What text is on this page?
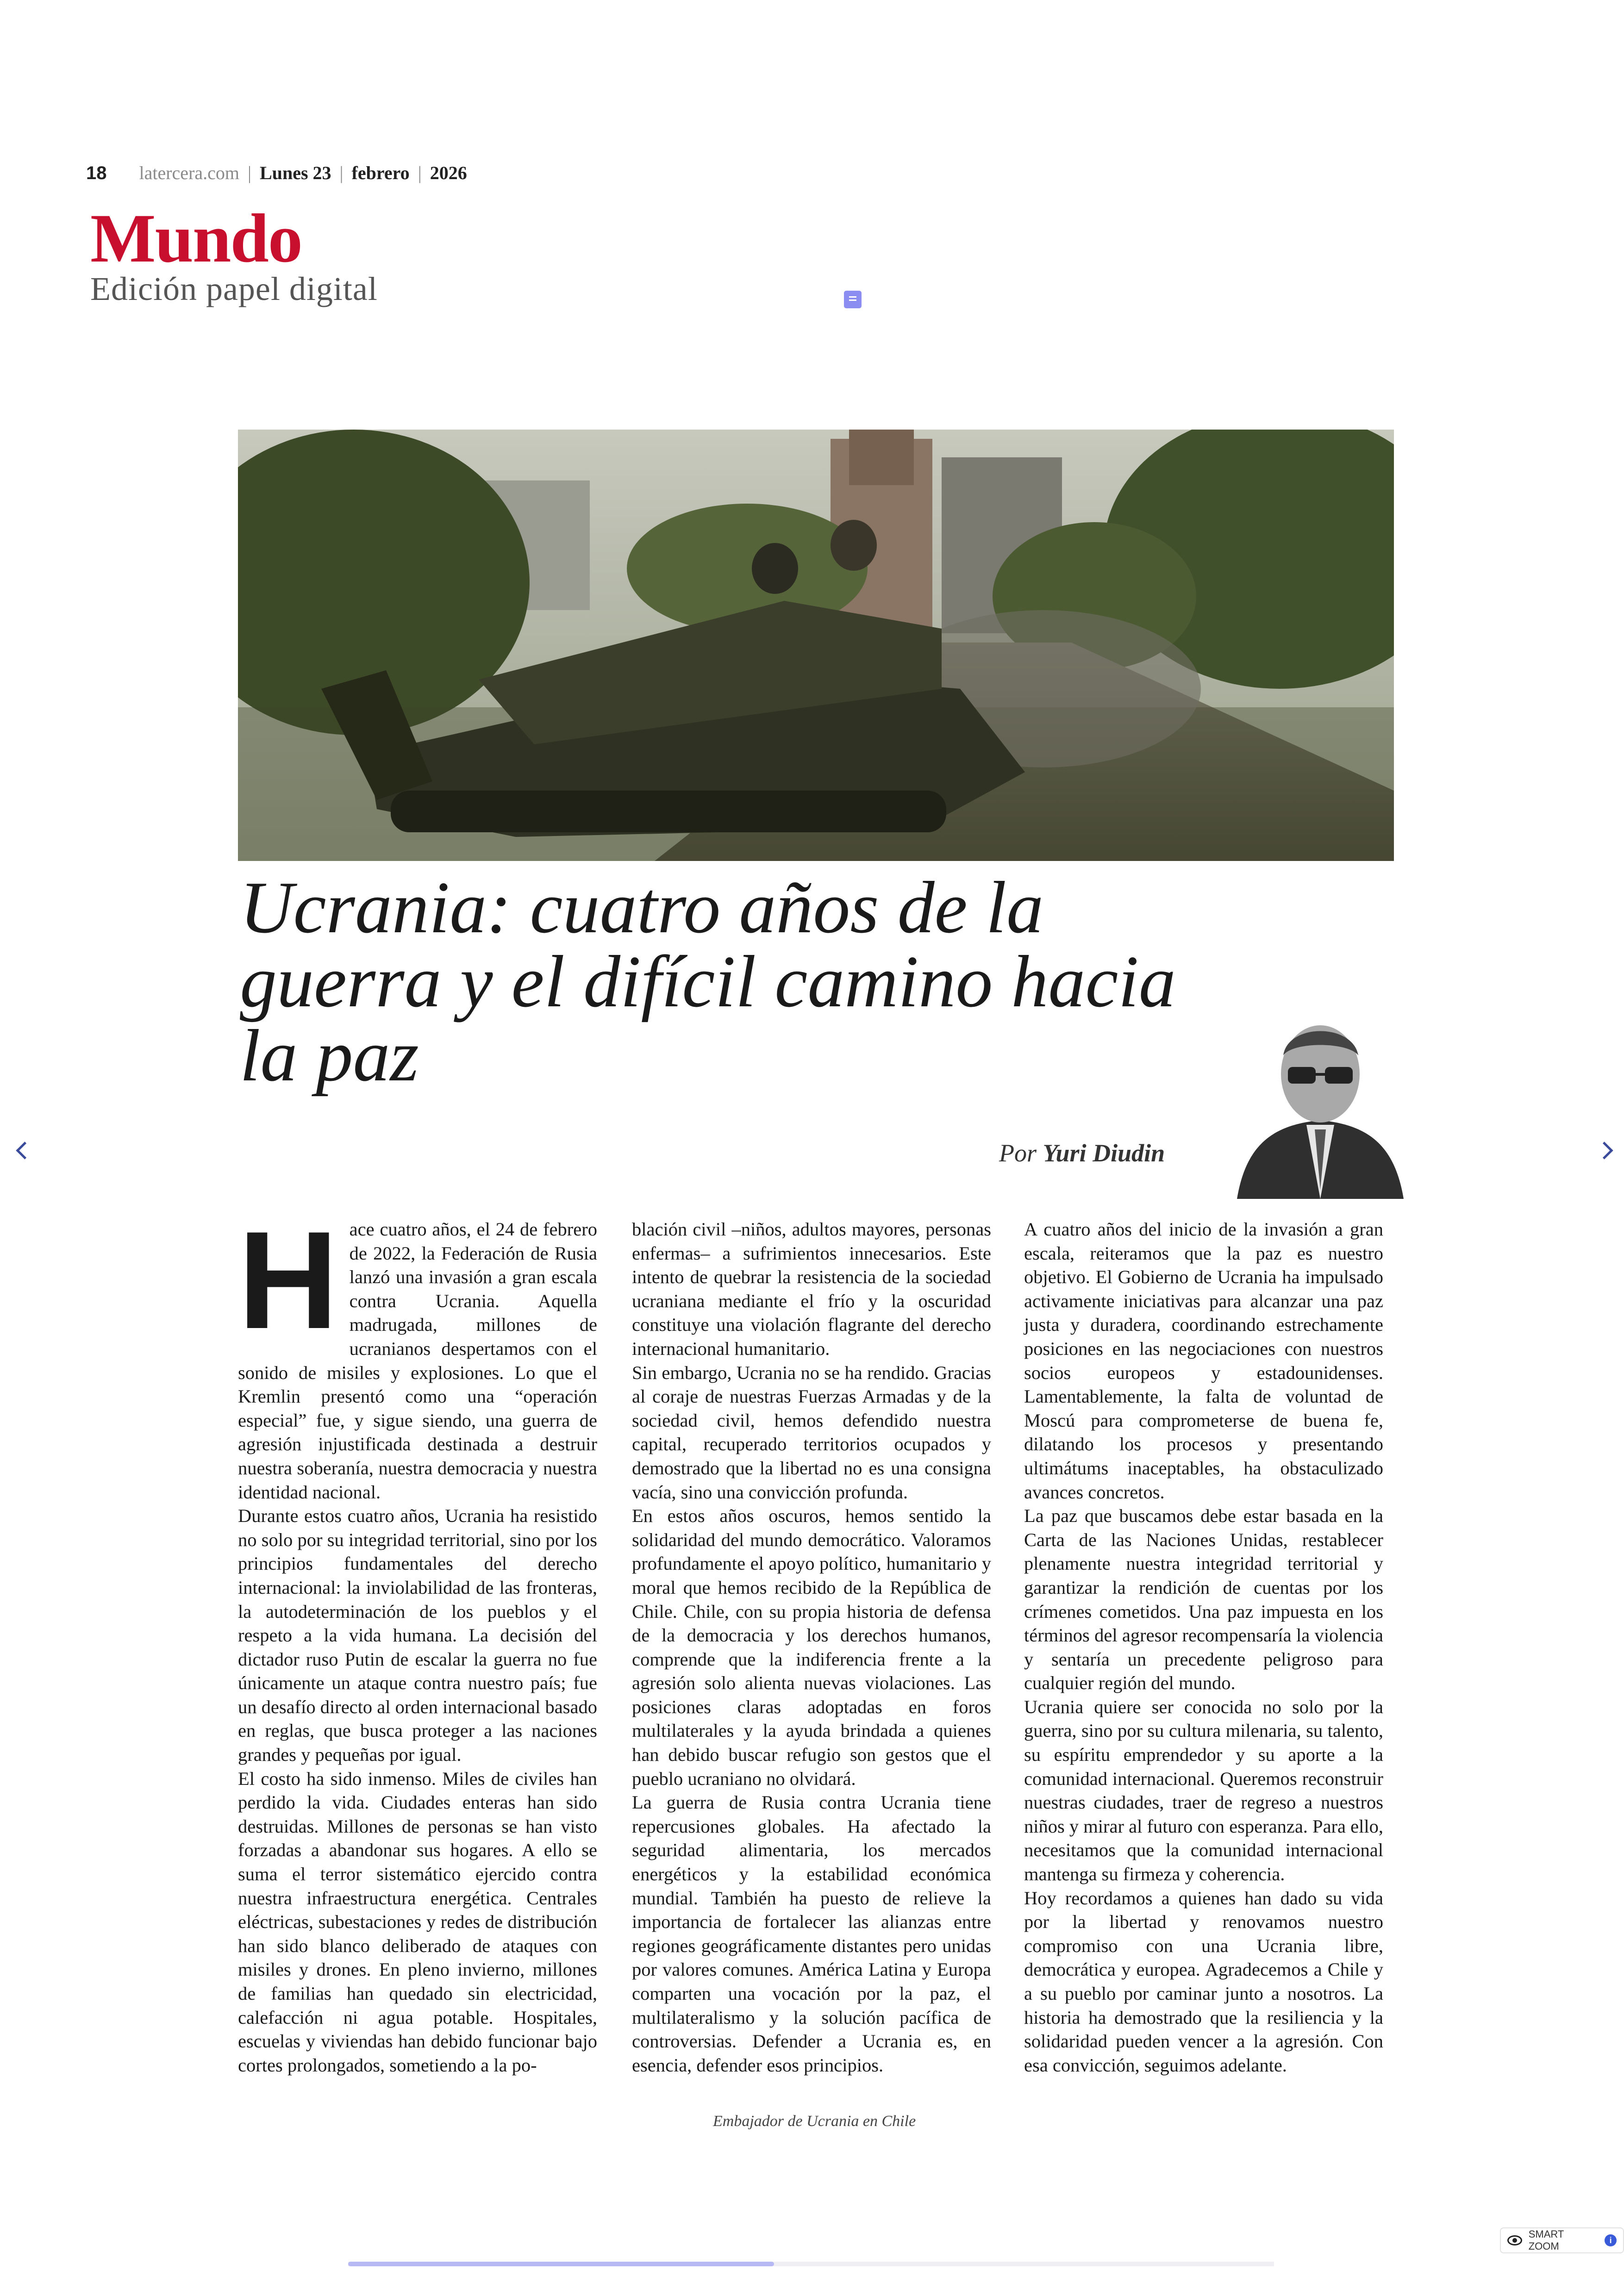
18 latercera.com | Lunes 23 | febrero | 2026
Mundo
Edición papel digital
Ucrania: cuatro años de la guerra y el difícil camino hacia la paz
Por Yuri Diudin

Hace cuatro años, el 24 de febrero de 2022, la Federación de Rusia lanzó una invasión a gran escala contra Ucrania. Aquella madrugada, millones de ucranianos despertamos con el sonido de misiles y explosiones. Lo que el Kremlin presentó como una “operación especial” fue, y sigue siendo, una guerra de agresión injustificada destinada a destruir nuestra soberanía, nuestra democracia y nuestra identidad nacional.

Durante estos cuatro años, Ucrania ha resistido no solo por su integridad territorial, sino por los principios fundamentales del derecho internacional: la inviolabilidad de las fronteras, la autodeterminación de los pueblos y el respeto a la vida humana. La decisión del dictador ruso Putin de escalar la guerra no fue únicamente un ataque contra nuestro país; fue un desafío directo al orden internacional basado en reglas, que busca proteger a las naciones grandes y pequeñas por igual.

El costo ha sido inmenso. Miles de civiles han perdido la vida. Ciudades enteras han sido destruidas. Millones de personas se han visto forzadas a abandonar sus hogares. A ello se suma el terror sistemático ejercido contra nuestra infraestructura energética. Centrales eléctricas, subestaciones y redes de distribución han sido blanco deliberado de ataques con misiles y drones. En pleno invierno, millones de familias han quedado sin electricidad, calefacción ni agua potable. Hospitales, escuelas y viviendas han debido funcionar bajo cortes prolongados, sometiendo a la po-

blación civil –niños, adultos mayores, personas enfermas– a sufrimientos innecesarios. Este intento de quebrar la resistencia de la sociedad ucraniana mediante el frío y la oscuridad constituye una violación flagrante del derecho internacional humanitario.

Sin embargo, Ucrania no se ha rendido. Gracias al coraje de nuestras Fuerzas Armadas y de la sociedad civil, hemos defendido nuestra capital, recuperado territorios ocupados y demostrado que la libertad no es una consigna vacía, sino una convicción profunda.

En estos años oscuros, hemos sentido la solidaridad del mundo democrático. Valoramos profundamente el apoyo político, humanitario y moral que hemos recibido de la República de Chile. Chile, con su propia historia de defensa de la democracia y los derechos humanos, comprende que la indiferencia frente a la agresión solo alienta nuevas violaciones. Las posiciones claras adoptadas en foros multilaterales y la ayuda brindada a quienes han debido buscar refugio son gestos que el pueblo ucraniano no olvidará.

La guerra de Rusia contra Ucrania tiene repercusiones globales. Ha afectado la seguridad alimentaria, los mercados energéticos y la estabilidad económica mundial. También ha puesto de relieve la importancia de fortalecer las alianzas entre regiones geográficamente distantes pero unidas por valores comunes. América Latina y Europa comparten una vocación por la paz, el multilateralismo y la solución pacífica de controversias. Defender a Ucrania es, en esencia, defender esos principios.

A cuatro años del inicio de la invasión a gran escala, reiteramos que la paz es nuestro objetivo. El Gobierno de Ucrania ha impulsado activamente iniciativas para alcanzar una paz justa y duradera, coordinando estrechamente posiciones en las negociaciones con nuestros socios europeos y estadounidenses. Lamentablemente, la falta de voluntad de Moscú para comprometerse de buena fe, dilatando los procesos y presentando ultimátums inaceptables, ha obstaculizado avances concretos.

La paz que buscamos debe estar basada en la Carta de las Naciones Unidas, restablecer plenamente nuestra integridad territorial y garantizar la rendición de cuentas por los crímenes cometidos. Una paz impuesta en los términos del agresor recompensaría la violencia y sentaría un precedente peligroso para cualquier región del mundo.

Ucrania quiere ser conocida no solo por la guerra, sino por su cultura milenaria, su talento, su espíritu emprendedor y su aporte a la comunidad internacional. Queremos reconstruir nuestras ciudades, traer de regreso a nuestros niños y mirar al futuro con esperanza. Para ello, necesitamos que la comunidad internacional mantenga su firmeza y coherencia.

Hoy recordamos a quienes han dado su vida por la libertad y renovamos nuestro compromiso con una Ucrania libre, democrática y europea. Agradecemos a Chile y a su pueblo por caminar junto a nosotros. La historia ha demostrado que la resiliencia y la solidaridad pueden vencer a la agresión. Con esa convicción, seguimos adelante.

Embajador de Ucrania en Chile
SMART ZOOM
i
